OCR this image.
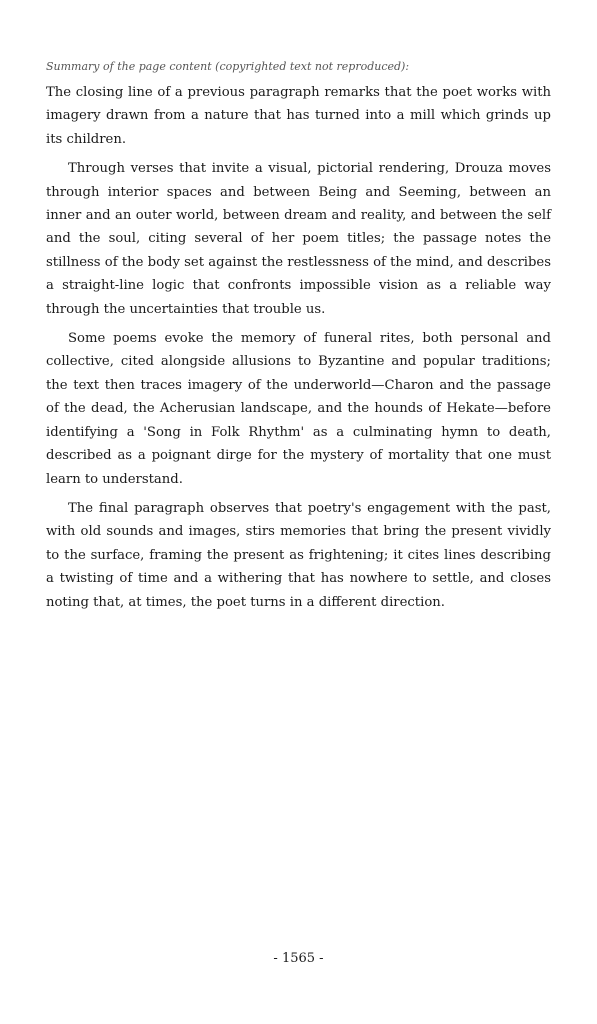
Summary of the page content (copyrighted text not reproduced):

The closing line of a previous paragraph remarks that the poet works with imagery drawn from a nature that has turned into a mill which grinds up its children.

Through verses that invite a visual, pictorial rendering, Drouza moves through interior spaces and between Being and Seeming, between an inner and an outer world, between dream and reality, and between the self and the soul, citing several of her poem titles; the passage notes the stillness of the body set against the restlessness of the mind, and describes a straight-line logic that confronts impossible vision as a reliable way through the uncertainties that trouble us.

Some poems evoke the memory of funeral rites, both personal and collective, cited alongside allusions to Byzantine and popular traditions; the text then traces imagery of the underworld—Charon and the passage of the dead, the Acherusian landscape, and the hounds of Hekate—before identifying a 'Song in Folk Rhythm' as a culminating hymn to death, described as a poignant dirge for the mystery of mortality that one must learn to understand.

The final paragraph observes that poetry's engagement with the past, with old sounds and images, stirs memories that bring the present vividly to the surface, framing the present as frightening; it cites lines describing a twisting of time and a withering that has nowhere to settle, and closes noting that, at times, the poet turns in a different direction.

- 1565 -
